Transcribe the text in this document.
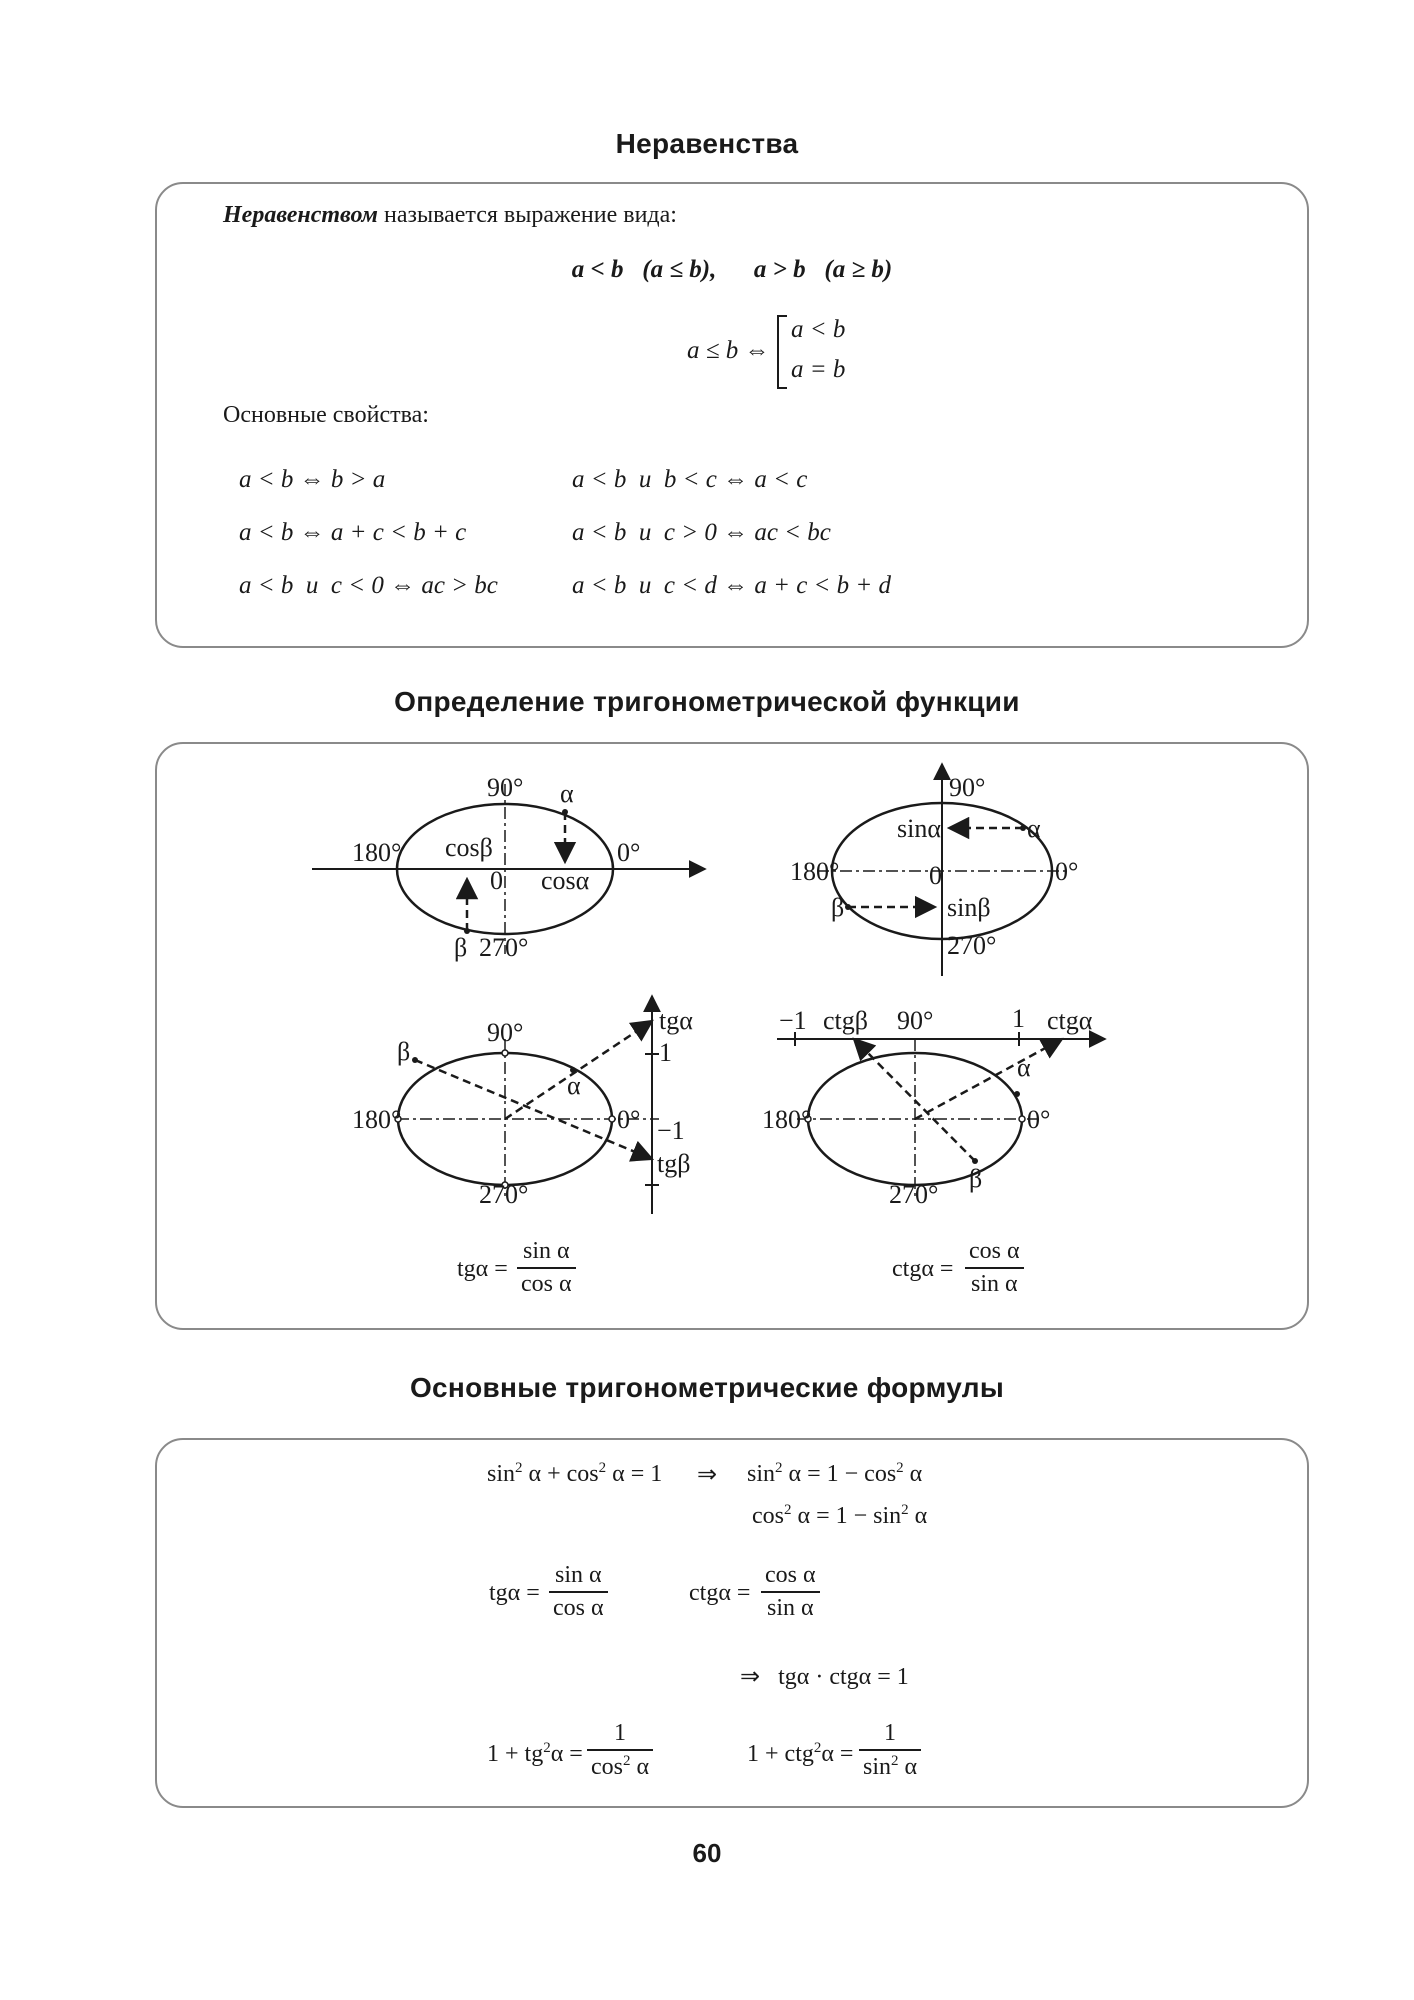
Неравенства
Неравенством называется выражение вида:
a < b   (a ≤ b),      a > b   (a ≥ b)
a ≤ b ⇔
a < b
a = b
Основные свойства:
a < b ⇔ b > a	a < b  и  b < c ⇔ a < c
a < b ⇔ a + c < b + c	a < b  и  c > 0 ⇔ ac < bc
a < b  и  c < 0 ⇔ ac > bc	a < b  и  c < d ⇔ a + c < b + d
Определение тригонометрической функции
90° α
180° cosβ	0°
0 cosα
β 270°
90°
sinα	α
180°	0	0°
β	sinβ
270°
90°	tgα
1
β
α
180°	0° −1
tgβ
270°
−1 ctgβ 90°	1 ctgα
α
180°	0°
270°
β
tgα =
sin α
cos α
ctgα =
cos α
sin α
Основные тригонометрические формулы
$\sin^2 \alpha + \cos^2 \alpha = 1$ ⇒ $\sin^2 \alpha = 1 - \cos^2 \alpha$
$\cos^2 \alpha = 1 - \sin^2 \alpha$
tgα =
sin α
cos α
ctgα =
cos α
sin α
⇒   tgα · ctgα = 1
$1 + tg^2\alpha$ =
1
$\cos^2 \alpha$	1 + ctg$^2$α =
1
$\sin^2 \alpha$
60
